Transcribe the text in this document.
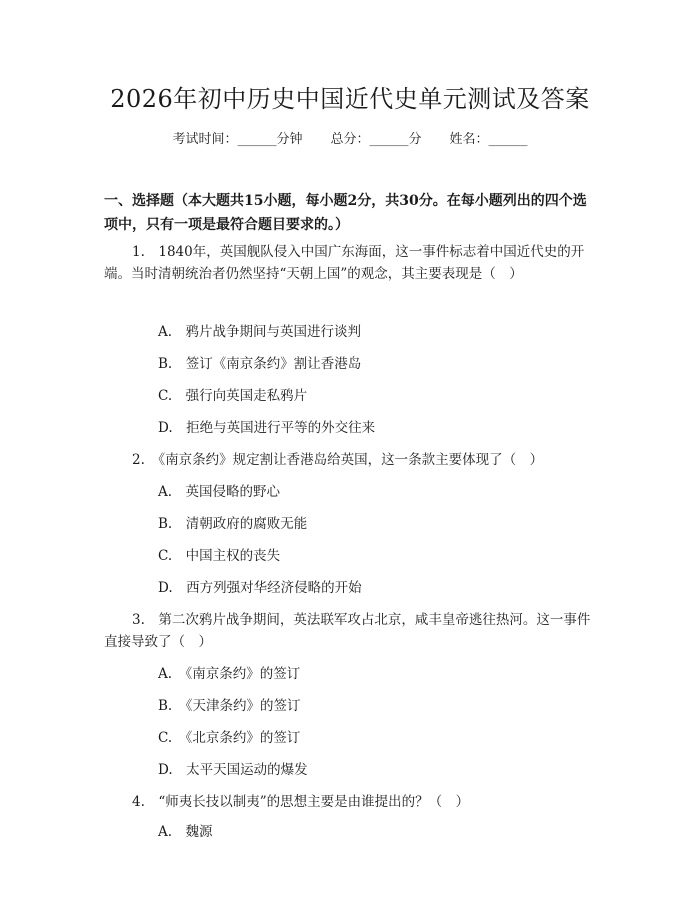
2026年初中历史中国近代史单元测试及答案
考试时间：______分钟 总分：______分 姓名：______
一、选择题（本大题共15小题，每小题2分，共30分。在每小题列出的四个选项中，只有一项是最符合题目要求的。）
1.　1840年，英国舰队侵入中国广东海面，这一事件标志着中国近代史的开端。当时清朝统治者仍然坚持“天朝上国”的观念，其主要表现是（　）
A.　鸦片战争期间与英国进行谈判
B.　签订《南京条约》割让香港岛
C.　强行向英国走私鸦片
D.　拒绝与英国进行平等的外交往来
2.　《南京条约》规定割让香港岛给英国，这一条款主要体现了（　）
A.　英国侵略的野心
B.　清朝政府的腐败无能
C.　中国主权的丧失
D.　西方列强对华经济侵略的开始
3.　第二次鸦片战争期间，英法联军攻占北京，咸丰皇帝逃往热河。这一事件直接导致了（　）
A.　《南京条约》的签订
B.　《天津条约》的签订
C.　《北京条约》的签订
D.　太平天国运动的爆发
4.　“师夷长技以制夷”的思想主要是由谁提出的？（　）
A.　魏源
